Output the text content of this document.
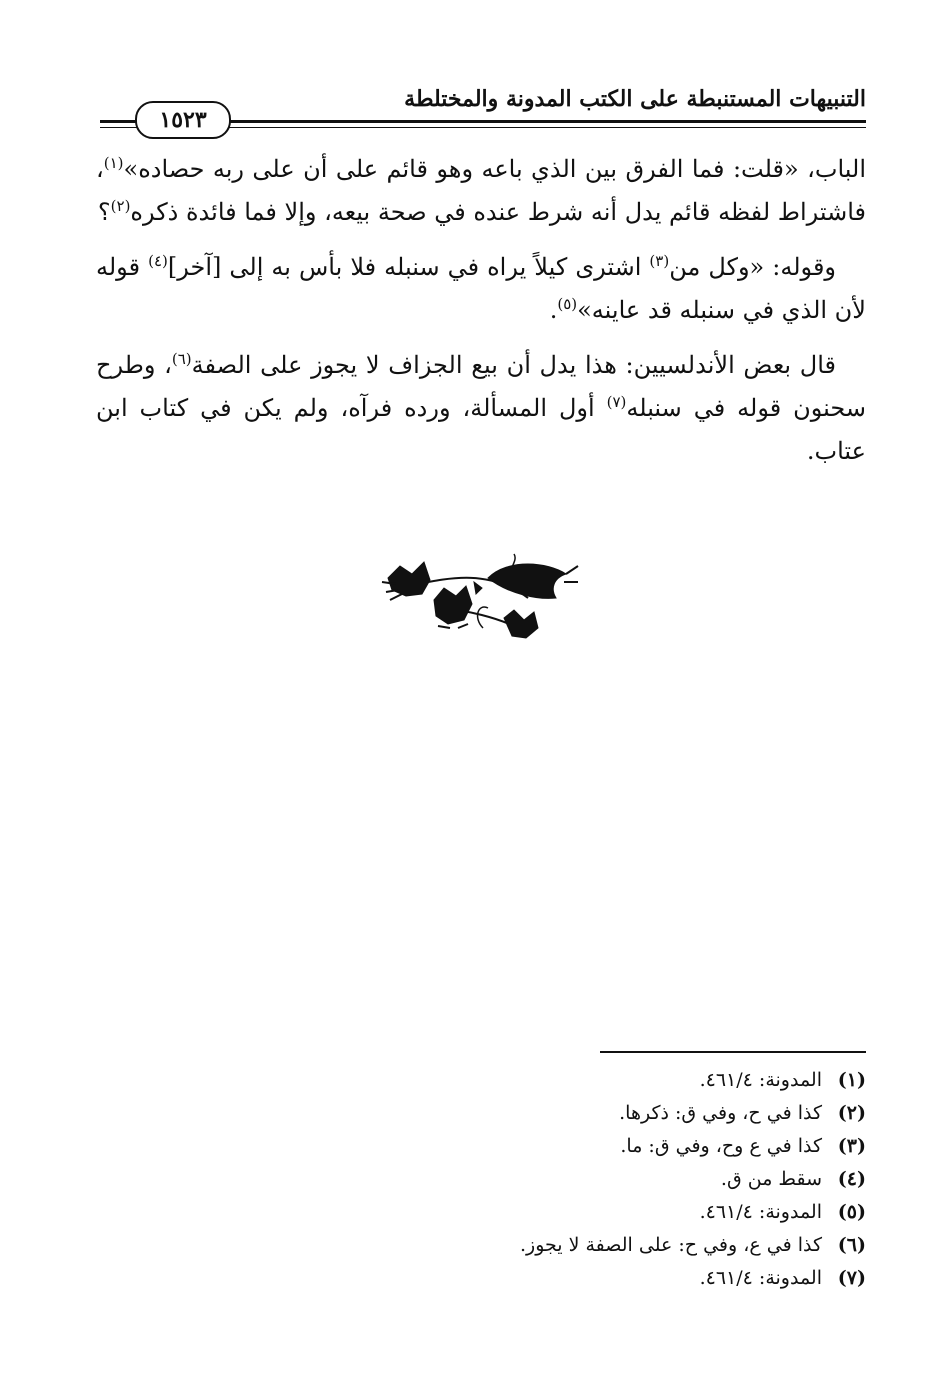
التنبيهات المستنبطة على الكتب المدونة والمختلطة
١٥٢٣

الباب، «قلت: فما الفرق بين الذي باعه وهو قائم على أن على ربه حصاده»$^{(١)}$، فاشتراط لفظه قائم يدل أنه شرط عنده في صحة بيعه، وإلا فما فائدة ذكره$^{(٢)}$؟

وقوله: «وكل من$^{(٣)}$ اشترى كيلاً يراه في سنبله فلا بأس به إلى [آخر]$^{(٤)}$ قوله لأن الذي في سنبله قد عاينه»$^{(٥)}$.

قال بعض الأندلسيين: هذا يدل أن بيع الجزاف لا يجوز على الصفة$^{(٦)}$، وطرح سحنون قوله في سنبله$^{(٧)}$ أول المسألة، ورده فرآه، ولم يكن في كتاب ابن عتاب.

(١)المدونة: ٤٦١/٤.
(٢)كذا في ح، وفي ق: ذكرها.
(٣)كذا في ع وح، وفي ق: ما.
(٤)سقط من ق.
(٥)المدونة: ٤٦١/٤.
(٦)كذا في ع، وفي ح: على الصفة لا يجوز.
(٧)المدونة: ٤٦١/٤.
